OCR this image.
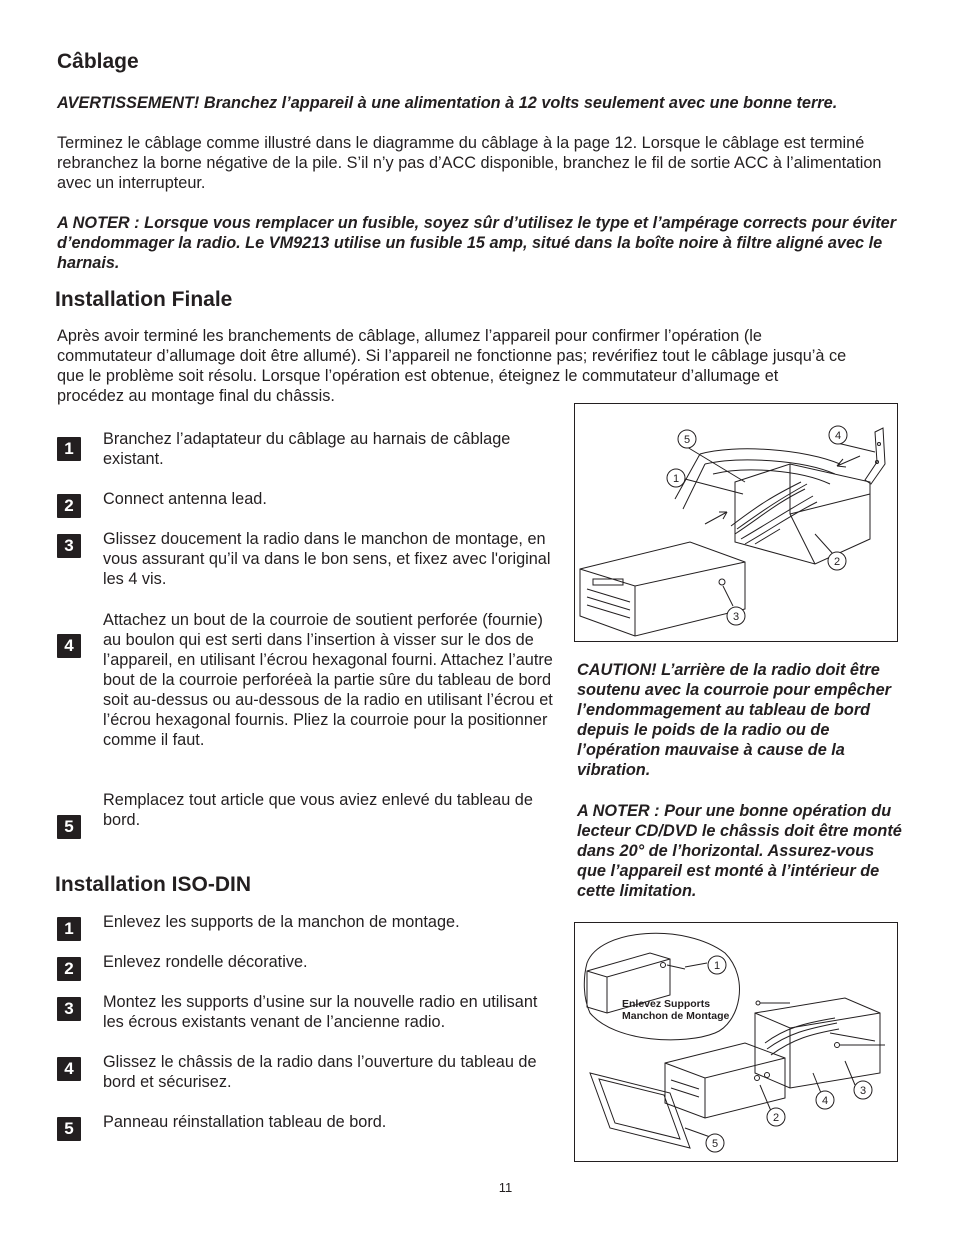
Câblage

AVERTISSEMENT! Branchez l’appareil à une alimentation à 12 volts seulement avec une bonne terre.

Terminez le câblage comme illustré dans le diagramme du câblage à la page 12. Lorsque le câblage est terminé rebranchez la borne négative de la pile. S’il n’y pas d’ACC disponible, branchez le fil de sortie ACC à l’alimentation avec un interrupteur.

A NOTER : Lorsque vous remplacer un fusible, soyez sûr d’utilisez le type et l’ampérage corrects pour éviter d’endommager la radio. Le VM9213 utilise un fusible 15 amp, situé dans la boîte noire à filtre aligné avec le harnais.

Installation Finale

Après avoir terminé les branchements de câblage, allumez l’appareil pour confirmer l’opération (le commutateur d’allumage doit être allumé). Si l’appareil ne fonctionne pas; revérifiez tout le câblage jusqu’à ce que le problème soit résolu. Lorsque l’opération est obtenue, éteignez le commutateur d’allumage et procédez au montage final du châssis.

1	Branchez l’adaptateur du câblage au harnais de câblage existant.

2	Connect antenna lead.

3	Glissez doucement la radio dans le manchon de montage, en vous assurant qu’il va dans le bon sens, et fixez avec l'original les 4 vis.

4

Attachez un bout de la courroie de soutient perforée (fournie) au boulon qui est serti dans l’insertion à visser sur le dos de l’appareil, en utilisant l’écrou hexagonal fourni. Attachez l’autre bout de la courroie perforéeà la partie sûre du tableau de bord soit au-dessus ou au-dessous de la radio en utilisant l’écrou et l’écrou hexagonal fournis. Pliez la courroie pour la positionner comme il faut.

5

Remplacez tout article que vous aviez enlevé du tableau de bord.

5	4
1
2
3

CAUTION! L’arrière de la radio doit être soutenu avec la courroie pour empêcher l’endommagement au tableau de bord depuis le poids de la radio ou de l’opération mauvaise à cause de la vibration.

A NOTER : Pour une bonne opération du lecteur CD/DVD le châssis doit être monté dans 20° de l’horizontal. Assurez-vous que l’appareil est monté à l’intérieur de cette limitation.

Installation ISO-DIN
1	Enlevez les supports de la manchon de montage.

2	Enlevez rondelle décorative.

3	Montez les supports d’usine sur la nouvelle radio en utilisant les écrous existants venant de l’ancienne radio.

4	Glissez le châssis de la radio dans l’ouverture du tableau de bord et sécurisez.

5	Panneau réinstallation tableau de bord.

Enlevez Supports
Manchon de Montage
1
3
4
2
5
11
